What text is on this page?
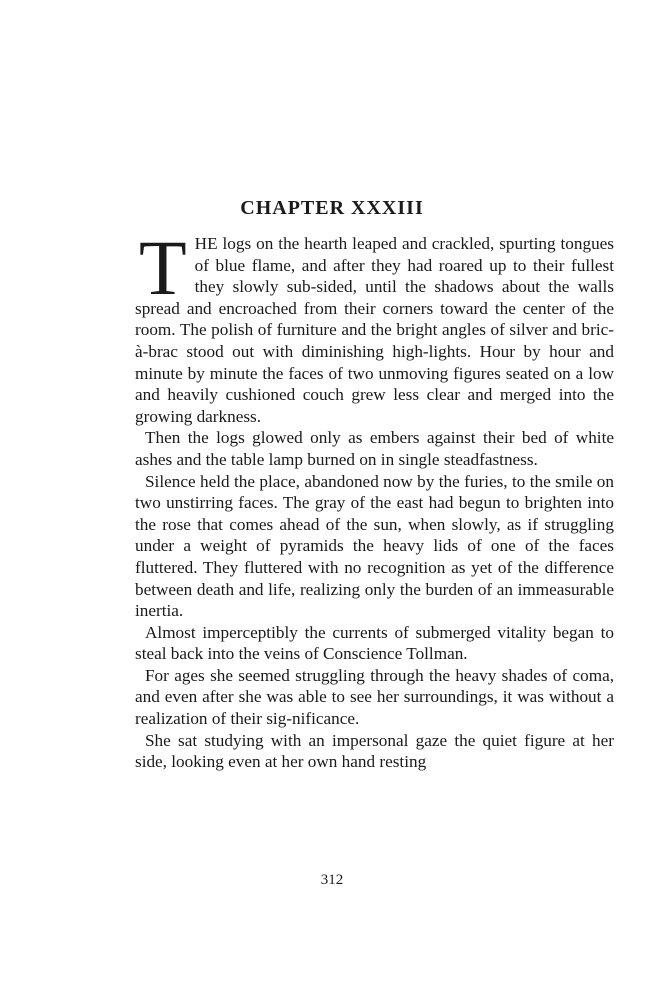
CHAPTER XXXIII

THE logs on the hearth leaped and crackled, spurting tongues of blue flame, and after they had roared up to their fullest they slowly sub-sided, until the shadows about the walls spread and encroached from their corners toward the center of the room. The polish of furniture and the bright angles of silver and bric-à-brac stood out with diminishing high-lights. Hour by hour and minute by minute the faces of two unmoving figures seated on a low and heavily cushioned couch grew less clear and merged into the growing darkness.

Then the logs glowed only as embers against their bed of white ashes and the table lamp burned on in single steadfastness.

Silence held the place, abandoned now by the furies, to the smile on two unstirring faces. The gray of the east had begun to brighten into the rose that comes ahead of the sun, when slowly, as if struggling under a weight of pyramids the heavy lids of one of the faces fluttered. They fluttered with no recognition as yet of the difference between death and life, realizing only the burden of an immeasurable inertia.

Almost imperceptibly the currents of submerged vitality began to steal back into the veins of Conscience Tollman.

For ages she seemed struggling through the heavy shades of coma, and even after she was able to see her surroundings, it was without a realization of their sig-nificance.

She sat studying with an impersonal gaze the quiet figure at her side, looking even at her own hand resting

312
